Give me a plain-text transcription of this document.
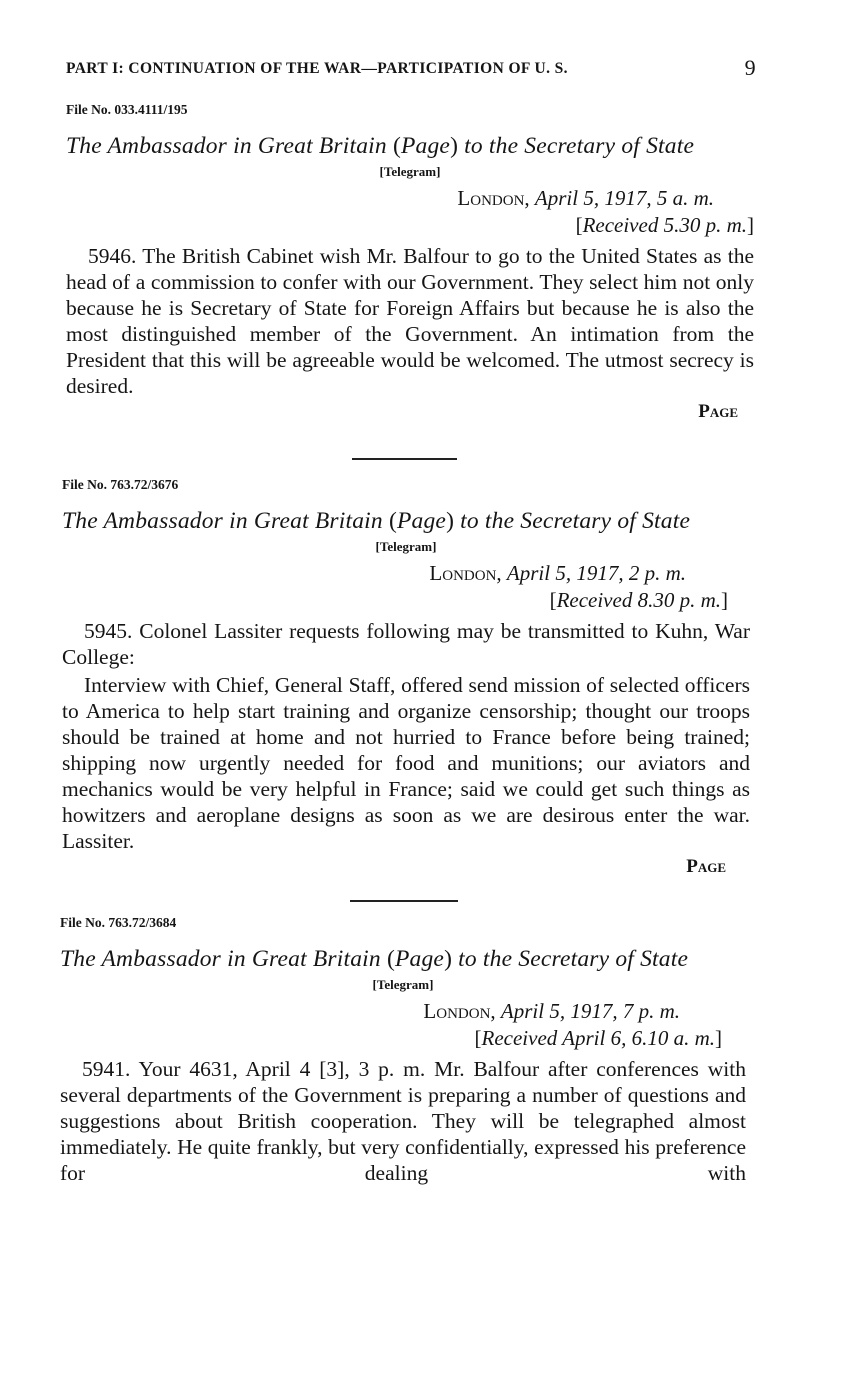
PART I: CONTINUATION OF THE WAR—PARTICIPATION OF U. S.	9

File No. 033.4111/195

The Ambassador in Great Britain (Page) to the Secretary of State

[Telegram]

London, April 5, 1917, 5 a. m.

[Received 5.30 p. m.]

5946. The British Cabinet wish Mr. Balfour to go to the United States as the head of a commission to confer with our Government. They select him not only because he is Secretary of State for Foreign Affairs but because he is also the most distinguished member of the Government. An intimation from the President that this will be agreeable would be welcomed. The utmost secrecy is desired.

Page

File No. 763.72/3676

The Ambassador in Great Britain (Page) to the Secretary of State

[Telegram]

London, April 5, 1917, 2 p. m.

[Received 8.30 p. m.]

5945. Colonel Lassiter requests following may be transmitted to Kuhn, War College:

Interview with Chief, General Staff, offered send mission of selected officers to America to help start training and organize censorship; thought our troops should be trained at home and not hurried to France before being trained; shipping now urgently needed for food and munitions; our aviators and mechanics would be very helpful in France; said we could get such things as howitzers and aeroplane designs as soon as we are desirous enter the war. Lassiter.

Page

File No. 763.72/3684

The Ambassador in Great Britain (Page) to the Secretary of State

[Telegram]

London, April 5, 1917, 7 p. m.

[Received April 6, 6.10 a. m.]

5941. Your 4631, April 4 [3], 3 p. m. Mr. Balfour after conferences with several departments of the Government is preparing a number of questions and suggestions about British cooperation. They will be telegraphed almost immediately. He quite frankly, but very confidentially, expressed his preference for dealing with
